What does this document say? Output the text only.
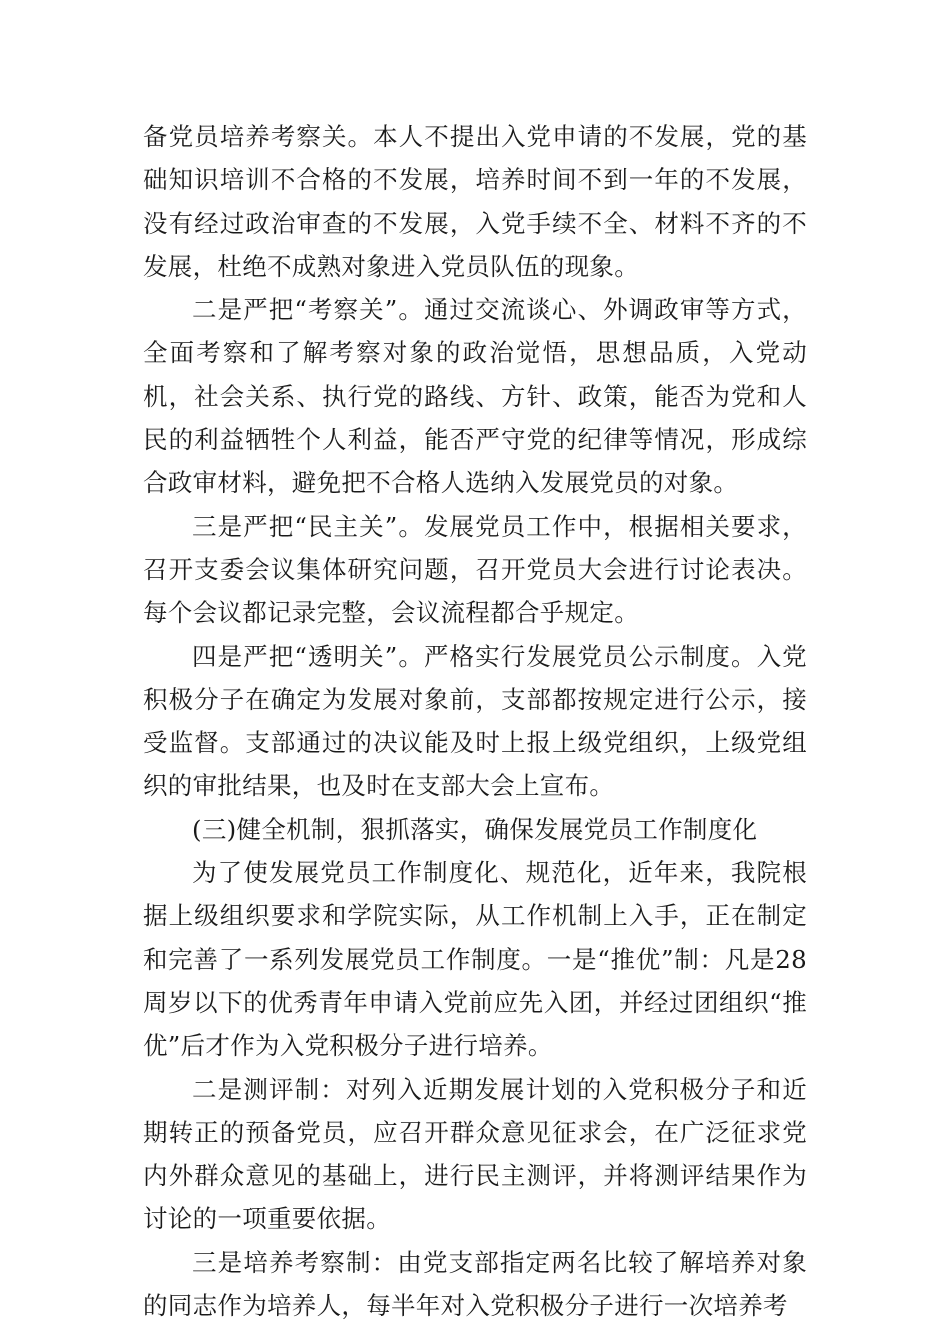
备党员培养考察关。本人不提出入党申请的不发展，党的基础知识培训不合格的不发展，培养时间不到一年的不发展，没有经过政治审查的不发展，入党手续不全、材料不齐的不发展，杜绝不成熟对象进入党员队伍的现象。

二是严把“考察关”。通过交流谈心、外调政审等方式，全面考察和了解考察对象的政治觉悟，思想品质，入党动机，社会关系、执行党的路线、方针、政策，能否为党和人民的利益牺牲个人利益，能否严守党的纪律等情况，形成综合政审材料，避免把不合格人选纳入发展党员的对象。

三是严把“民主关”。发展党员工作中，根据相关要求，召开支委会议集体研究问题，召开党员大会进行讨论表决。每个会议都记录完整，会议流程都合乎规定。

四是严把“透明关”。严格实行发展党员公示制度。入党积极分子在确定为发展对象前，支部都按规定进行公示，接受监督。支部通过的决议能及时上报上级党组织，上级党组织的审批结果，也及时在支部大会上宣布。

(三)健全机制，狠抓落实，确保发展党员工作制度化

为了使发展党员工作制度化、规范化，近年来，我院根据上级组织要求和学院实际，从工作机制上入手，正在制定和完善了一系列发展党员工作制度。一是“推优”制：凡是28周岁以下的优秀青年申请入党前应先入团，并经过团组织“推优”后才作为入党积极分子进行培养。

二是测评制：对列入近期发展计划的入党积极分子和近期转正的预备党员，应召开群众意见征求会，在广泛征求党内外群众意见的基础上，进行民主测评，并将测评结果作为讨论的一项重要依据。

三是培养考察制：由党支部指定两名比较了解培养对象的同志作为培养人，每半年对入党积极分子进行一次培养考
